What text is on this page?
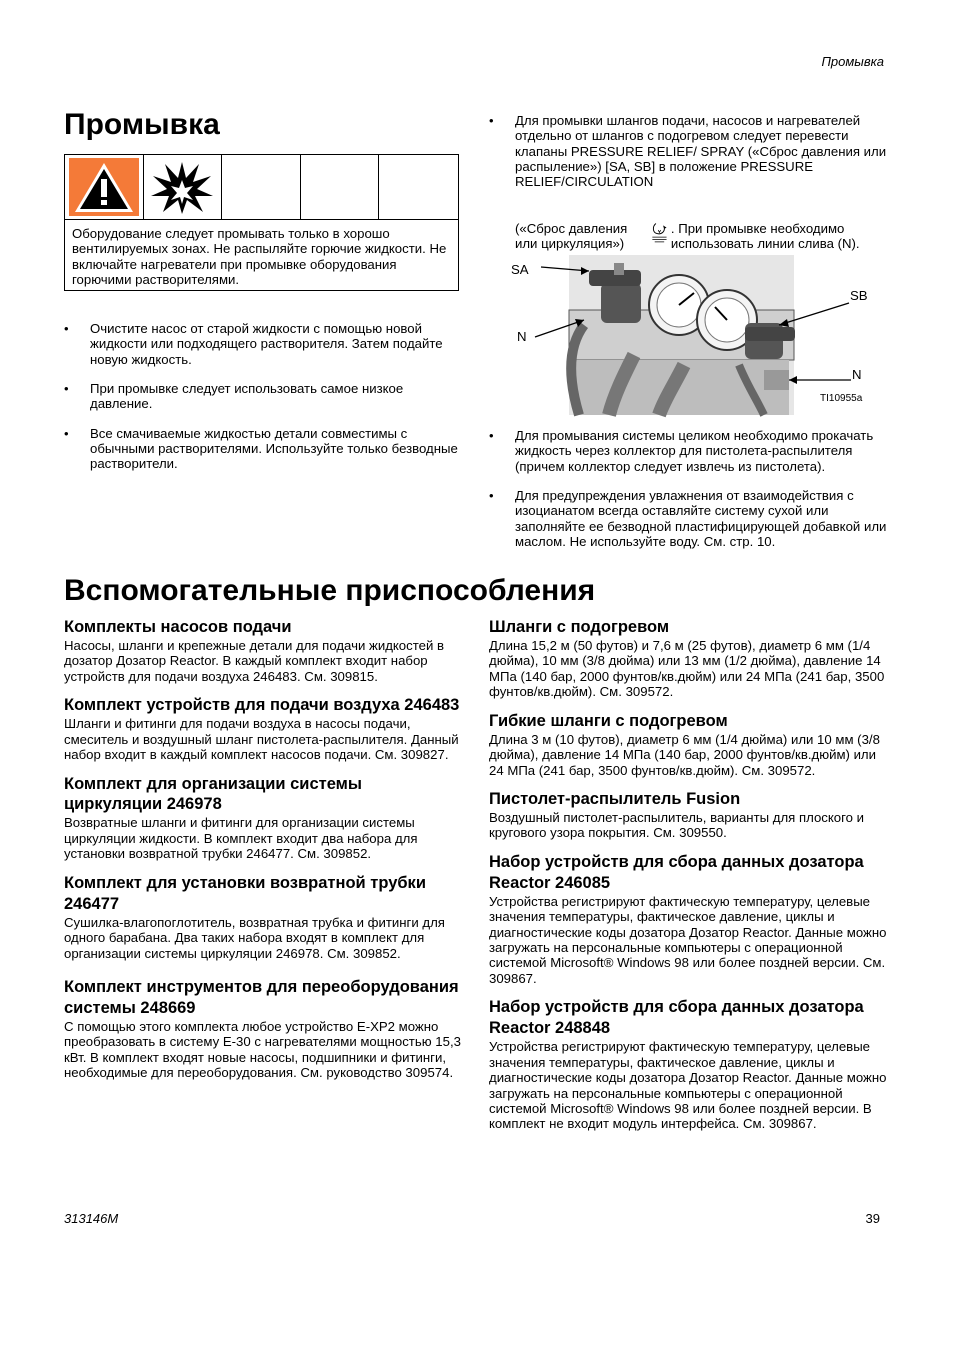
Промывка
Промывка
Оборудование следует промывать только в хорошо вентилируемых зонах. Не распыляйте горючие жидкости. Не включайте нагреватели при промывке оборудования горючими растворителями.
• Очистите насос от старой жидкости с помощью новой жидкости или подходящего растворителя. Затем подайте новую жидкость.
• При промывке следует использовать самое низкое давление.
• Все смачиваемые жидкостью детали совместимы с обычными растворителями. Используйте только безводные растворители.
• Для промывки шлангов подачи, насосов и нагревателей отдельно от шлангов с подогревом следует перевести клапаны PRESSURE RELIEF/ SPRAY («Сброс давления или распыление») [SA, SB] в положение PRESSURE RELIEF/CIRCULATION
(«Сброс давления или циркуляция»)
. При промывке необходимо использовать линии слива (N).
SA
SB
N
N
TI10955a
• Для промывания системы целиком необходимо прокачать жидкость через коллектор для пистолета-распылителя (причем коллектор следует извлечь из пистолета).
• Для предупреждения увлажнения от взаимодействия с изоцианатом всегда оставляйте систему сухой или заполняйте ее безводной пластифицирующей добавкой или маслом. Не используйте воду. См. стр. 10.
Вспомогательные приспособления
Комплекты насосов подачи
Насосы, шланги и крепежные детали для подачи жидкостей в дозатор Дозатор Reactor. В каждый комплект входит набор устройств для подачи воздуха 246483. См. 309815.
Комплект устройств для подачи воздуха 246483
Шланги и фитинги для подачи воздуха в насосы подачи, смеситель и воздушный шланг пистолета-распылителя. Данный набор входит в каждый комплект насосов подачи. См. 309827.
Комплект для организации системы циркуляции 246978
Возвратные шланги и фитинги для организации системы циркуляции жидкости. В комплект входит два набора для установки возвратной трубки 246477. См. 309852.
Комплект для установки возвратной трубки 246477
Сушилка-влагопоглотитель, возвратная трубка и фитинги для одного барабана. Два таких набора входят в комплект для организации системы циркуляции 246978. См. 309852.
Комплект инструментов для переоборудования системы 248669
С помощью этого комплекта любое устройство E-XP2 можно преобразовать в систему E-30 с нагревателями мощностью 15,3 кВт. В комплект входят новые насосы, подшипники и фитинги, необходимые для переоборудования. См. руководство 309574.
Шланги с подогревом
Длина 15,2 м (50 футов) и 7,6 м (25 футов), диаметр 6 мм (1/4 дюйма), 10 мм (3/8 дюйма) или 13 мм (1/2 дюйма), давление 14 МПа (140 бар, 2000 фунтов/кв.дюйм) или 24 МПа (241 бар, 3500 фунтов/кв.дюйм). См. 309572.
Гибкие шланги с подогревом
Длина 3 м (10 футов), диаметр 6 мм (1/4 дюйма) или 10 мм (3/8 дюйма), давление 14 МПа (140 бар, 2000 фунтов/кв.дюйм) или 24 МПа (241 бар, 3500 фунтов/кв.дюйм). См. 309572.
Пистолет-распылитель Fusion
Воздушный пистолет-распылитель, варианты для плоского и кругового узора покрытия. См. 309550.
Набор устройств для сбора данных дозатора Reactor 246085
Устройства регистрируют фактическую температуру, целевые значения температуры, фактическое давление, циклы и диагностические коды дозатора Дозатор Reactor. Данные можно загружать на персональные компьютеры с операционной системой Microsoft® Windows 98 или более поздней версии. См. 309867.
Набор устройств для сбора данных дозатора Reactor 248848
Устройства регистрируют фактическую температуру, целевые значения температуры, фактическое давление, циклы и диагностические коды дозатора Дозатор Reactor. Данные можно загружать на персональные компьютеры с операционной системой Microsoft® Windows 98 или более поздней версии. В комплект не входит модуль интерфейса. См. 309867.
313146M	39
